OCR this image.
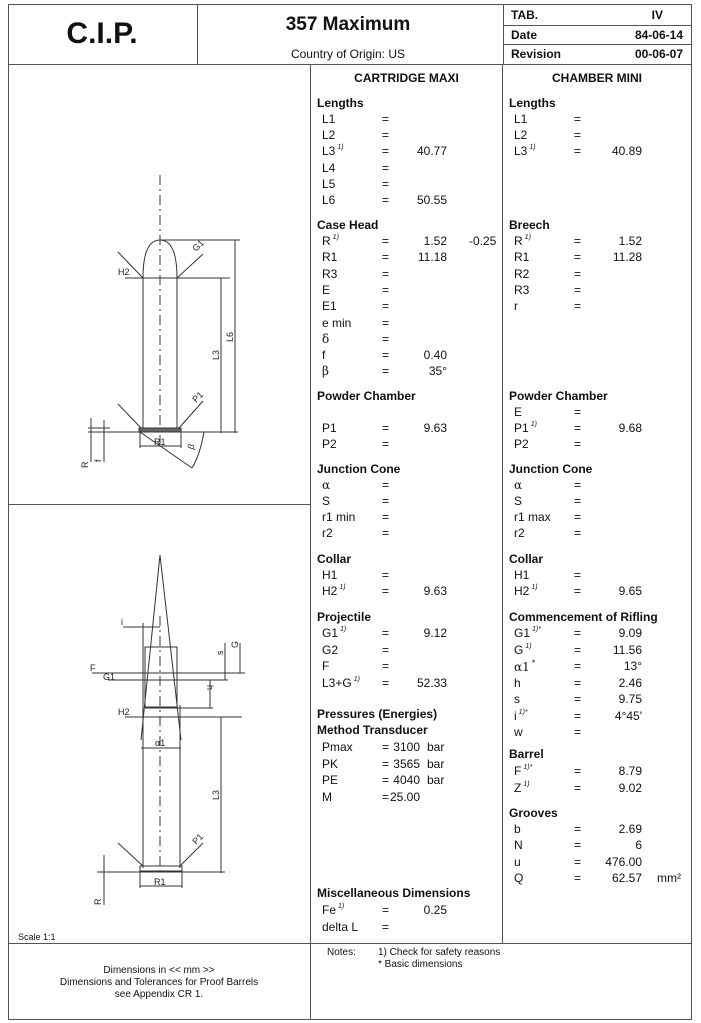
C.I.P.	357 Maximum
Country of Origin: US
TAB.	IV
Date	84-06-14
Revision	00-06-07
CARTRIDGE MAXI	CHAMBER MINI
Lengths
L1	=
L2	=
L3 $^{1)}$	= 40.77
L4	=
L5	=
L6	= 50.55
Case Head
R $^{1)}$	=	1.52 -0.25
R1	= 11.18
R3	=
E	=
E1	=
e min	=
δ	=
f	=	0.40
β	=	35°
Powder Chamber
P1	=	9.63
P2	=
Junction Cone
α	=
S	=
r1 min =
r2	=
Collar
H1	=
H2 $^{1)}$	=	9.63
Projectile
G1 $^{1)}$	=	9.12
G2	=
F	=
L3+G $^{1)}$ = 52.33
Pressures (Energies)
Method Transducer
Pmax = 3100 bar
PK	= 3565 bar
PE	= 4040 bar
M	= 25.00
Miscellaneous Dimensions
Fe $^{1)}$	=	0.25
delta L =
Lengths
L1	=
L2	=
L3 $^{1)}$	=	40.89
Breech
R $^{1)}$	=	1.52
R1	=	11.28
R2	=
R3	=
r	=
Powder Chamber
E	=
P1 $^{1)}$	=	9.68
P2	=
Junction Cone
α	=
S	=
r1 max =
r2	=
Collar
H1	=
H2 $^{1)}$	=	9.65
Commencement of Rifling
G1 $^{1)*}$	=	9.09
G $^{1)}$	=	11.56
α1 *	=	13°
h	=	2.46
s	=	9.75
i $^{1)*}$	=	4°45'
w	=
Barrel
F $^{1)*}$	=	8.79
Z $^{1)}$	=	9.02
Grooves
b	=	2.69
N	=	6
u	= 476.00
Q	=	62.57 mm²
H2
G1
L3
L6
P1
R1
R
f
β
i
s
G
F
G1
h
H2
α1
L3
P1
R1
R
Scale 1:1
Dimensions in << mm >>
Dimensions and Tolerances for Proof Barrels
see Appendix CR 1.
Notes: 1) Check for safety reasons
* Basic dimensions
